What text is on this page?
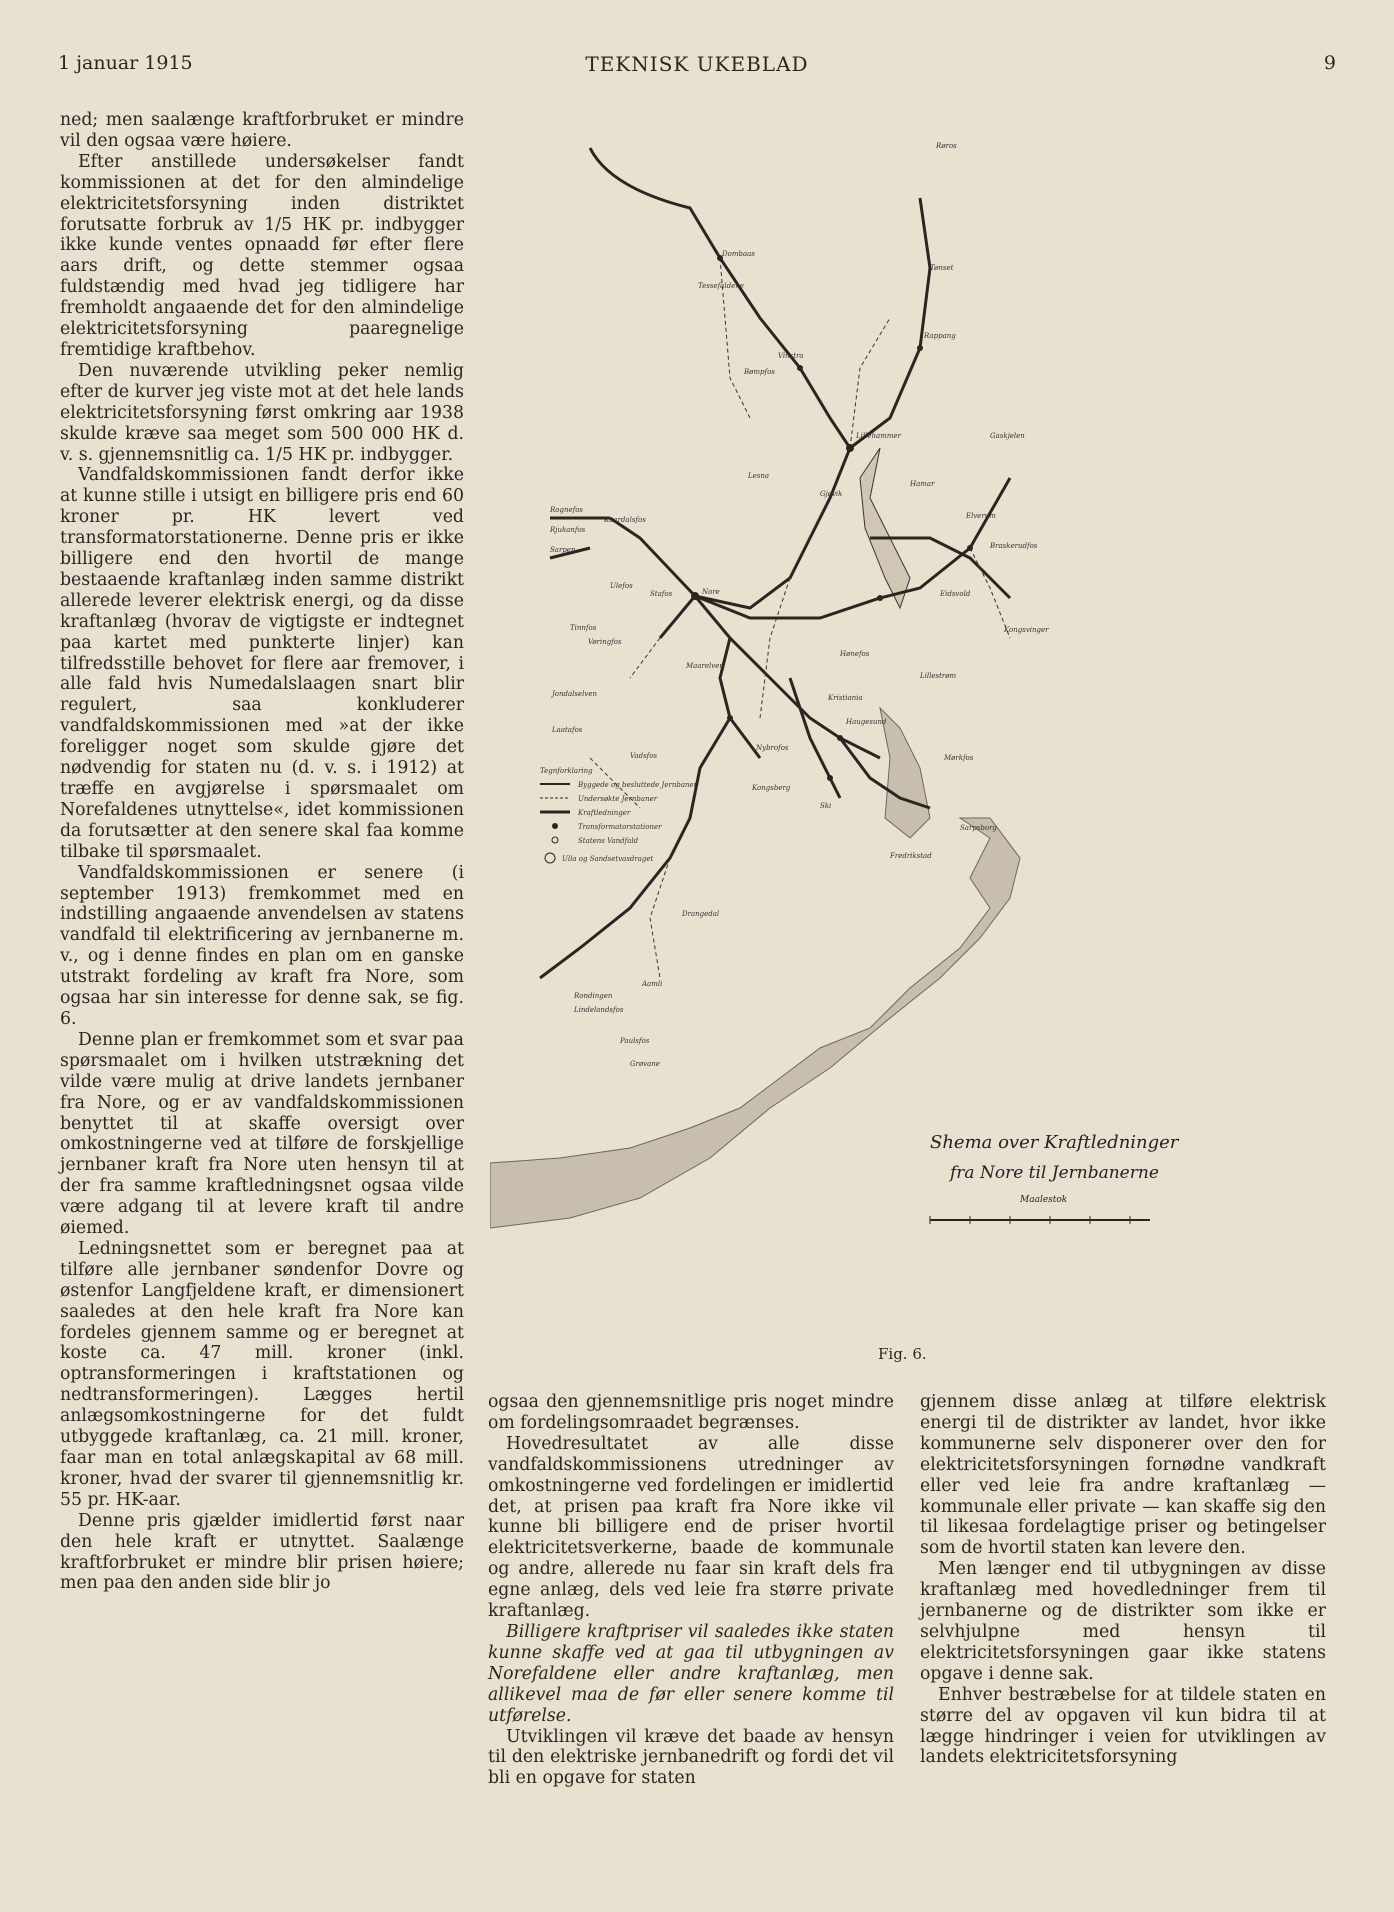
1 januar 1915	TEKNISK UKEBLAD	9

ned; men saalænge kraftforbruket er mindre vil den ogsaa være høiere.

Efter anstillede undersøkelser fandt kommissionen at det for den almindelige elektricitetsforsyning inden distriktet forutsatte forbruk av 1/5 HK pr. indbygger ikke kunde ventes opnaadd før efter flere aars drift, og dette stemmer ogsaa fuldstændig med hvad jeg tidligere har fremholdt angaaende det for den almindelige elektricitetsforsyning paaregnelige fremtidige kraftbehov.

Den nuværende utvikling peker nemlig efter de kurver jeg viste mot at det hele lands elektricitetsforsyning først omkring aar 1938 skulde kræve saa meget som 500 000 HK d. v. s. gjennemsnitlig ca. 1/5 HK pr. indbygger.

Vandfaldskommissionen fandt derfor ikke at kunne stille i utsigt en billigere pris end 60 kroner pr. HK levert ved transformatorstationerne. Denne pris er ikke billigere end den hvortil de mange bestaaende kraftanlæg inden samme distrikt allerede leverer elektrisk energi, og da disse kraftanlæg (hvorav de vigtigste er indtegnet paa kartet med punkterte linjer) kan tilfredsstille behovet for flere aar fremover, i alle fald hvis Numedalslaagen snart blir regulert, saa konkluderer vandfaldskommissionen med »at der ikke foreligger noget som skulde gjøre det nødvendig for staten nu (d. v. s. i 1912) at træffe en avgjørelse i spørsmaalet om Norefaldenes utnyttelse«, idet kommissionen da forutsætter at den senere skal faa komme tilbake til spørsmaalet.

Vandfaldskommissionen er senere (i september 1913) fremkommet med en indstilling angaaende anvendelsen av statens vandfald til elektrificering av jernbanerne m. v., og i denne findes en plan om en ganske utstrakt fordeling av kraft fra Nore, som ogsaa har sin interesse for denne sak, se fig. 6.

Denne plan er fremkommet som et svar paa spørsmaalet om i hvilken utstrækning det vilde være mulig at drive landets jernbaner fra Nore, og er av vandfaldskommissionen benyttet til at skaffe oversigt over omkostningerne ved at tilføre de forskjellige jernbaner kraft fra Nore uten hensyn til at der fra samme kraftledningsnet ogsaa vilde være adgang til at levere kraft til andre øiemed.

Ledningsnettet som er beregnet paa at tilføre alle jernbaner søndenfor Dovre og østenfor Langfjeldene kraft, er dimensionert saaledes at den hele kraft fra Nore kan fordeles gjennem samme og er beregnet at koste ca. 47 mill. kroner (inkl. optransformeringen i kraftstationen og nedtransformeringen). Lægges hertil anlægsomkostningerne for det fuldt utbyggede kraftanlæg, ca. 21 mill. kroner, faar man en total anlægskapital av 68 mill. kroner, hvad der svarer til gjennemsnitlig kr. 55 pr. HK-aar.

Denne pris gjælder imidlertid først naar den hele kraft er utnyttet. Saalænge kraftforbruket er mindre blir prisen høiere; men paa den anden side blir jo

Røros
Tønset
Dombaas
Tessefaldene
Vinstra
Rappang
Bømpfos
Lillehammer	Gaskjelen
Lesna
Gjøvik
Hamar
Elverum
Braskerudfos
Rognefos
Rjukanfos
Sarpen
Kaardalsfos
Ulefos
Stafos	Nore
Tinnfos
Vøringfos
Jondalselven
Eidsvold
Kongsvinger
Hønefos
Lillestrøm
Kristiania
Maarelven
Laatafos
Vadsfos
Haugesund
Nybrofos
Mørkfos
Kongsberg
Ski
Sarpsborg
Fredrikstad
Drangedal
Aamli
Rondingen
Lindelandsfos
Paulsfos
Grøvane
Tegnforklaring
Byggede og besluttede Jernbaner
Undersøkte Jernbaner
Kraftledninger
Transformatorstationer
Statens Vandfald
Ulla og Sandsetvasdraget
Shema over Kraftledninger
fra Nore til Jernbanerne
Maalestok
Fig. 6.

ogsaa den gjennemsnitlige pris noget mindre om fordelingsomraadet begrænses.

Hovedresultatet av alle disse vandfaldskommissionens utredninger av omkostningerne ved fordelingen er imidlertid det, at prisen paa kraft fra Nore ikke vil kunne bli billigere end de priser hvortil elektricitetsverkerne, baade de kommunale og andre, allerede nu faar sin kraft dels fra egne anlæg, dels ved leie fra større private kraftanlæg.

Billigere kraftpriser vil saaledes ikke staten kunne skaffe ved at gaa til utbygningen av Norefaldene eller andre kraftanlæg, men allikevel maa de før eller senere komme til utførelse.

Utviklingen vil kræve det baade av hensyn til den elektriske jernbanedrift og fordi det vil bli en opgave for staten

gjennem disse anlæg at tilføre elektrisk energi til de distrikter av landet, hvor ikke kommunerne selv disponerer over den for elektricitetsforsyningen fornødne vandkraft eller ved leie fra andre kraftanlæg — kommunale eller private — kan skaffe sig den til likesaa fordelagtige priser og betingelser som de hvortil staten kan levere den.

Men længer end til utbygningen av disse kraftanlæg med hovedledninger frem til jernbanerne og de distrikter som ikke er selvhjulpne med hensyn til elektricitetsforsyningen gaar ikke statens opgave i denne sak.

Enhver bestræbelse for at tildele staten en større del av opgaven vil kun bidra til at lægge hindringer i veien for utviklingen av landets elektricitetsforsyning
